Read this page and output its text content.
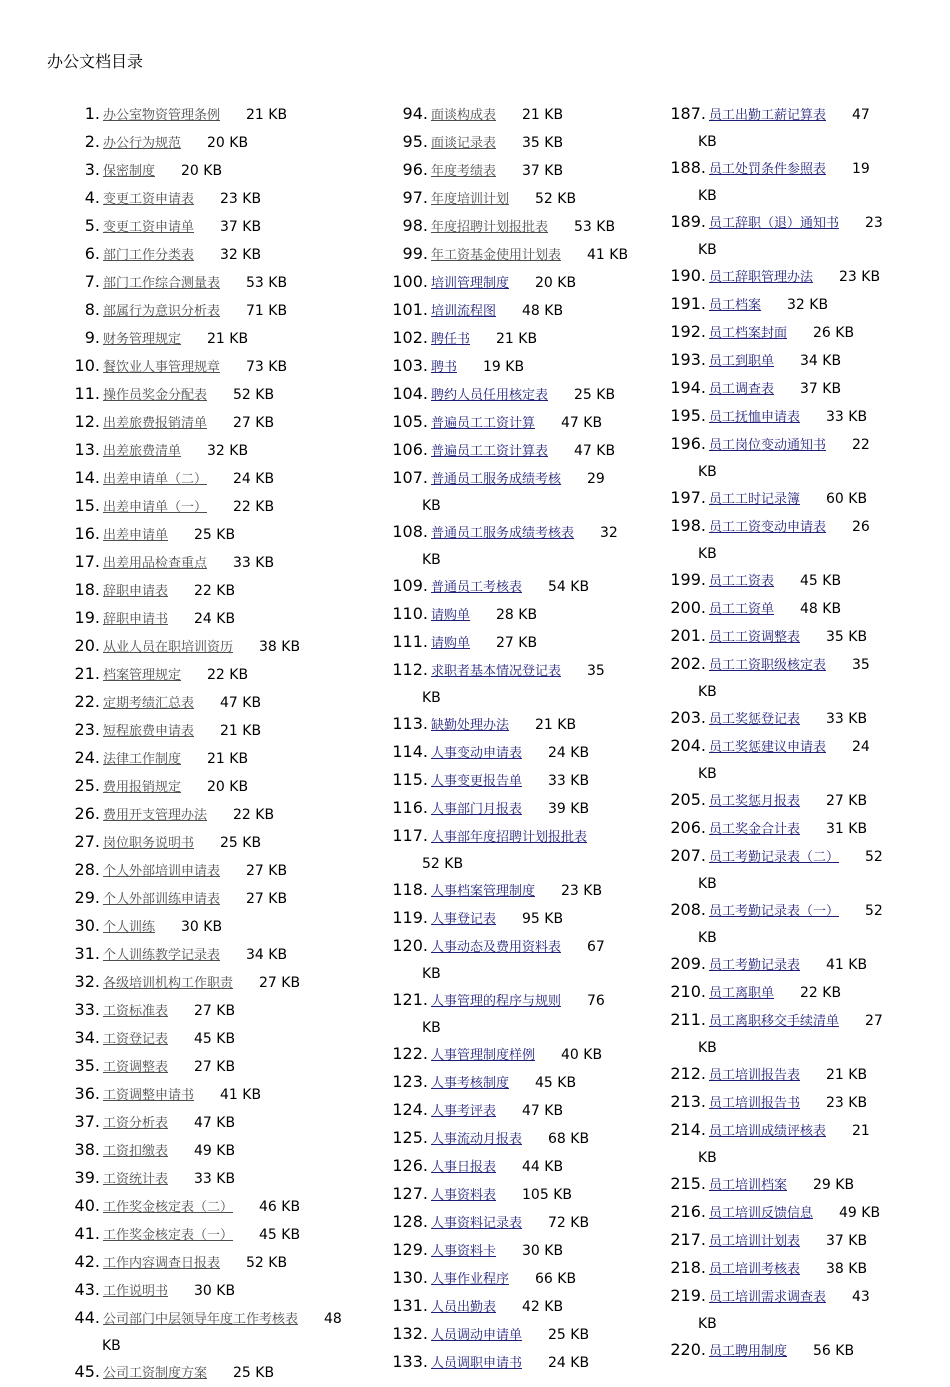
办公文档目录
1. 办公室物资管理条例 21 KB
2. 办公行为规范 20 KB
3. 保密制度 20 KB
4. 变更工资申请表 23 KB
5. 变更工资申请单 37 KB
6. 部门工作分类表 32 KB
7. 部门工作综合测量表 53 KB
8. 部属行为意识分析表 71 KB
9. 财务管理规定 21 KB
10. 餐饮业人事管理规章 73 KB
11. 操作员奖金分配表 52 KB
12. 出差旅费报销清单 27 KB
13. 出差旅费清单 32 KB
14. 出差申请单（二） 24 KB
15. 出差申请单（一） 22 KB
16. 出差申请单 25 KB
17. 出差用品检查重点 33 KB
18. 辞职申请表 22 KB
19. 辞职申请书 24 KB
20. 从业人员在职培训资历 38 KB
21. 档案管理规定 22 KB
22. 定期考绩汇总表 47 KB
23. 短程旅费申请表 21 KB
24. 法律工作制度 21 KB
25. 费用报销规定 20 KB
26. 费用开支管理办法 22 KB
27. 岗位职务说明书 25 KB
28. 个人外部培训申请表 27 KB
29. 个人外部训练申请表 27 KB
30. 个人训练 30 KB
31. 个人训练教学记录表 34 KB
32. 各级培训机构工作职责 27 KB
33. 工资标准表 27 KB
34. 工资登记表 45 KB
35. 工资调整表 27 KB
36. 工资调整申请书 41 KB
37. 工资分析表 47 KB
38. 工资扣缴表 49 KB
39. 工资统计表 33 KB
40. 工作奖金核定表（二） 46 KB
41. 工作奖金核定表（一） 45 KB
42. 工作内容调查日报表 52 KB
43. 工作说明书 30 KB
44. 公司部门中层领导年度工作考核表 48
KB
45. 公司工资制度方案 25 KB
94. 面谈构成表 21 KB
95. 面谈记录表 35 KB
96. 年度考绩表 37 KB
97. 年度培训计划 52 KB
98. 年度招聘计划报批表 53 KB
99. 年工资基金使用计划表 41 KB
100. 培训管理制度 20 KB
101. 培训流程图 48 KB
102. 聘任书 21 KB
103. 聘书 19 KB
104. 聘约人员任用核定表 25 KB
105. 普遍员工工资计算 47 KB
106. 普遍员工工资计算表 47 KB
107. 普通员工服务成绩考核 29
KB
108. 普通员工服务成绩考核表 32
KB
109. 普通员工考核表 54 KB
110. 请购单 28 KB
111. 请购单 27 KB
112. 求职者基本情况登记表 35
KB
113. 缺勤处理办法 21 KB
114. 人事变动申请表 24 KB
115. 人事变更报告单 33 KB
116. 人事部门月报表 39 KB
117. 人事部年度招聘计划报批表
52 KB
118. 人事档案管理制度 23 KB
119. 人事登记表 95 KB
120. 人事动态及费用资料表 67
KB
121. 人事管理的程序与规则 76
KB
122. 人事管理制度样例 40 KB
123. 人事考核制度 45 KB
124. 人事考评表 47 KB
125. 人事流动月报表 68 KB
126. 人事日报表 44 KB
127. 人事资料表 105 KB
128. 人事资料记录表 72 KB
129. 人事资料卡 30 KB
130. 人事作业程序 66 KB
131. 人员出勤表 42 KB
132. 人员调动申请单 25 KB
133. 人员调职申请书 24 KB
187. 员工出勤工薪记算表 47
KB
188. 员工处罚条件参照表 19
KB
189. 员工辞职（退）通知书 23
KB
190. 员工辞职管理办法 23 KB
191. 员工档案 32 KB
192. 员工档案封面 26 KB
193. 员工到职单 34 KB
194. 员工调查表 37 KB
195. 员工抚恤申请表 33 KB
196. 员工岗位变动通知书 22
KB
197. 员工工时记录簿 60 KB
198. 员工工资变动申请表 26
KB
199. 员工工资表 45 KB
200. 员工工资单 48 KB
201. 员工工资调整表 35 KB
202. 员工工资职级核定表 35
KB
203. 员工奖惩登记表 33 KB
204. 员工奖惩建议申请表 24
KB
205. 员工奖惩月报表 27 KB
206. 员工奖金合计表 31 KB
207. 员工考勤记录表（二） 52
KB
208. 员工考勤记录表（一） 52
KB
209. 员工考勤记录表 41 KB
210. 员工离职单 22 KB
211. 员工离职移交手续清单 27
KB
212. 员工培训报告表 21 KB
213. 员工培训报告书 23 KB
214. 员工培训成绩评核表 21
KB
215. 员工培训档案 29 KB
216. 员工培训反馈信息 49 KB
217. 员工培训计划表 37 KB
218. 员工培训考核表 38 KB
219. 员工培训需求调查表 43
KB
220. 员工聘用制度 56 KB
